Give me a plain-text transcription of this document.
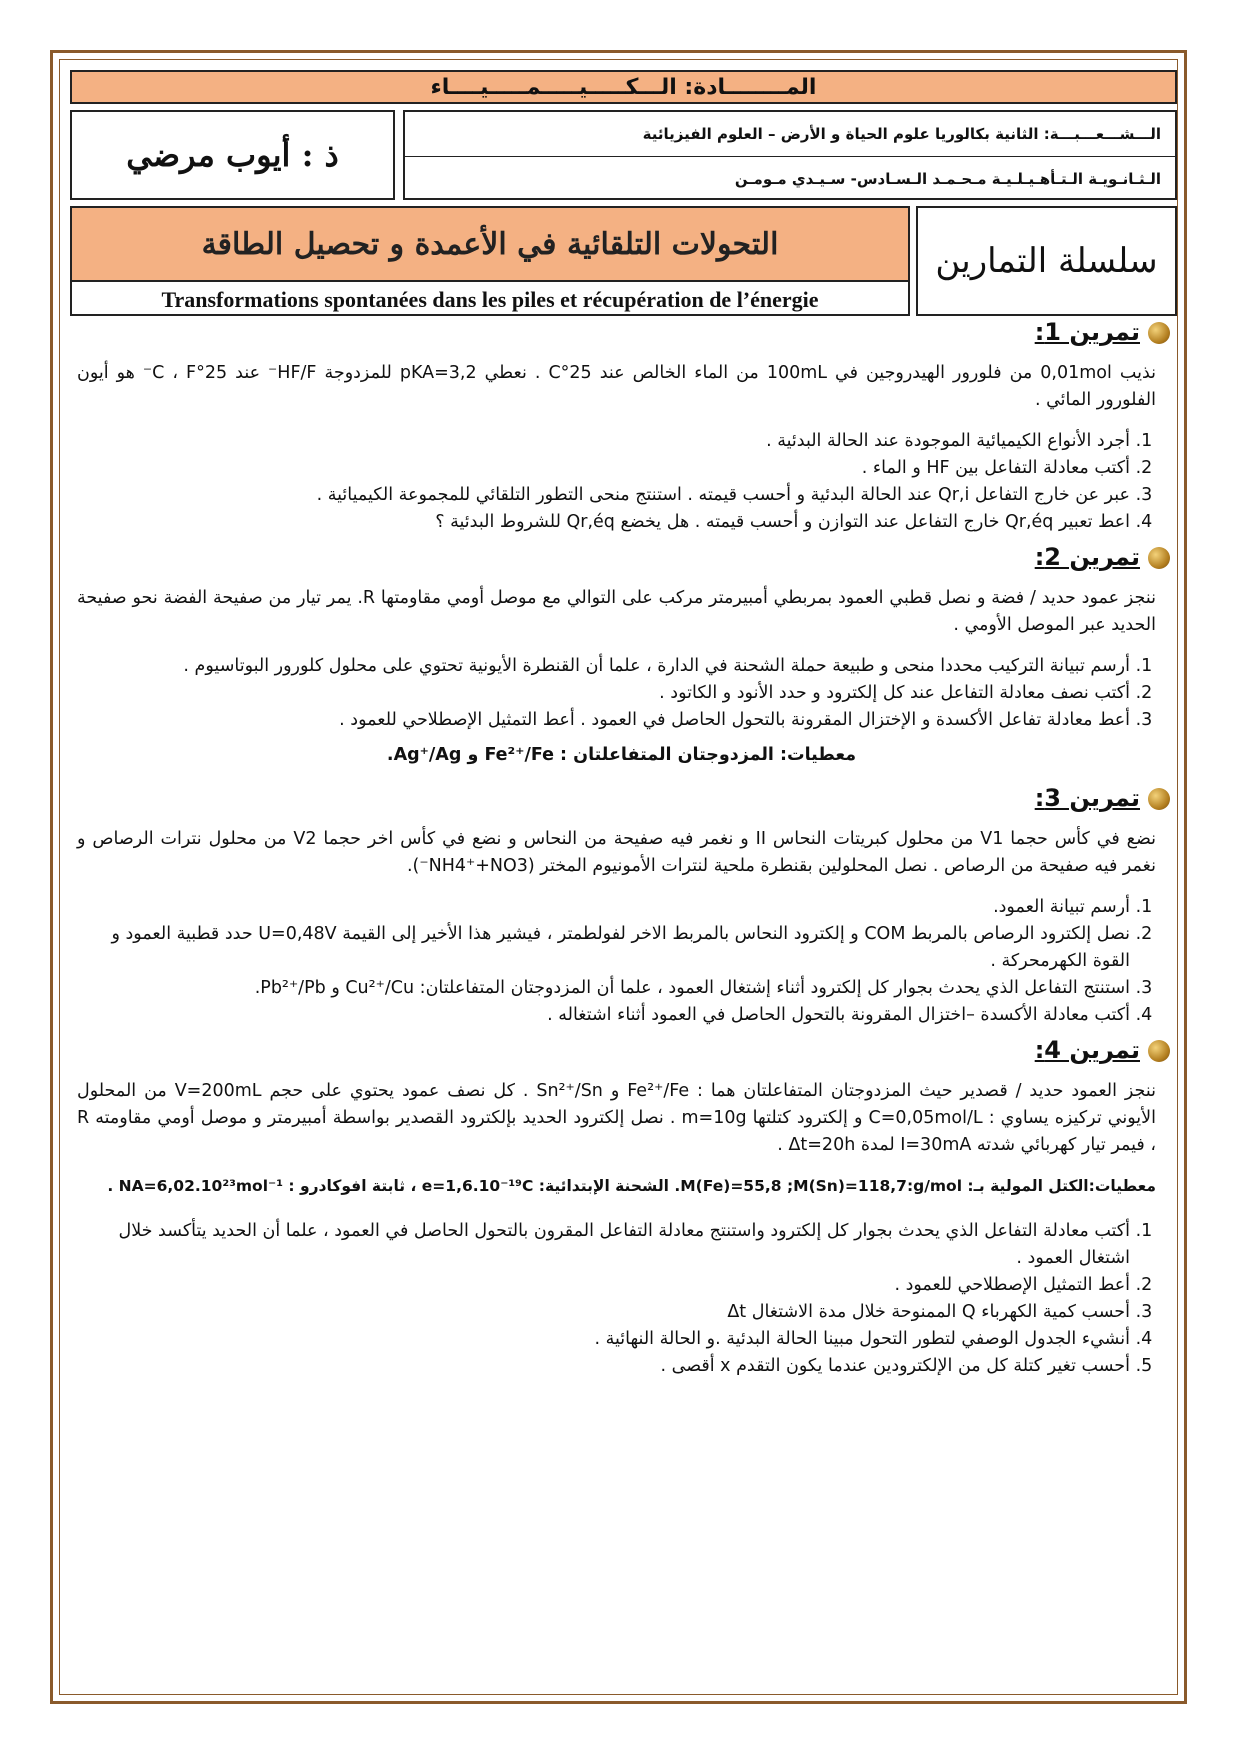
المــــــــادة: الـــكـــــيـــــمـــــيــــاء
ذ : أيوب مرضي
الـــشـــعـــبـــة: الثانية بكالوريا علوم الحياة و الأرض – العلوم الفيزيائية
الـثـانـويـة الـتـأهـيـلـيـة مـحـمـد الـسـادس- سـيـدي مـومـن
التحولات التلقائية في الأعمدة و تحصيل الطاقة
Transformations spontanées dans les piles et récupération de l’énergie
سلسلة التمارين
تمرين 1:
نذيب 0,01mol من فلورور الهيدروجين في 100mL من الماء الخالص عند 25°C . نعطي pKA=3,2 للمزدوجة HF/F⁻ عند 25°C ، F⁻ هو أيون الفلورور المائي .
1. أجرد الأنواع الكيميائية الموجودة عند الحالة البدئية .
2. أكتب معادلة التفاعل بين HF و الماء .
3. عبر عن خارج التفاعل Qr,i عند الحالة البدئية و أحسب قيمته . استنتج منحى التطور التلقائي للمجموعة الكيميائية .
4. اعط تعبير Qr,éq خارج التفاعل عند التوازن و أحسب قيمته . هل يخضع Qr,éq للشروط البدئية ؟
تمرين 2:
ننجز عمود حديد / فضة و نصل قطبي العمود بمربطي أمبيرمتر مركب على التوالي مع موصل أومي مقاومتها R. يمر تيار من صفيحة الفضة نحو صفيحة الحديد عبر الموصل الأومي .
1. أرسم تبيانة التركيب محددا منحى و طبيعة حملة الشحنة في الدارة ، علما أن القنطرة الأيونية تحتوي على محلول كلورور البوتاسيوم .
2. أكتب نصف معادلة التفاعل عند كل إلكترود و حدد الأنود و الكاتود .
3. أعط معادلة تفاعل الأكسدة و الإختزال المقرونة بالتحول الحاصل في العمود . أعط التمثيل الإصطلاحي للعمود .
معطيات: المزدوجتان المتفاعلتان : Fe²⁺/Fe و Ag⁺/Ag.
تمرين 3:
نضع في كأس حجما V1 من محلول كبريتات النحاس II و نغمر فيه صفيحة من النحاس و نضع في كأس اخر حجما V2 من محلول نترات الرصاص و نغمر فيه صفيحة من الرصاص . نصل المحلولين بقنطرة ملحية لنترات الأمونيوم المختر (NH4⁺+NO3⁻).
1. أرسم تبيانة العمود.
2. نصل إلكترود الرصاص بالمربط COM و إلكترود النحاس بالمربط الاخر لفولطمتر ، فيشير هذا الأخير إلى القيمة U=0,48V حدد قطبية العمود و القوة الكهرمحركة .
3. استنتج التفاعل الذي يحدث بجوار كل إلكترود أثناء إشتغال العمود ، علما أن المزدوجتان المتفاعلتان: Cu²⁺/Cu و Pb²⁺/Pb.
4. أكتب معادلة الأكسدة –اختزال المقرونة بالتحول الحاصل في العمود أثناء اشتغاله .
تمرين 4:
ننجز العمود حديد / قصدير حيث المزدوجتان المتفاعلتان هما : Fe²⁺/Fe و Sn²⁺/Sn . كل نصف عمود يحتوي على حجم V=200mL من المحلول الأيوني تركيزه يساوي : C=0,05mol/L و إلكترود كتلتها m=10g . نصل إلكترود الحديد بإلكترود القصدير بواسطة أمبيرمتر و موصل أومي مقاومته R ، فيمر تيار كهربائي شدته I=30mA لمدة Δt=20h .
معطيات:الكتل المولية بـ: M(Fe)=55,8 ;M(Sn)=118,7:g/mol. الشحنة الإبتدائية: e=1,6.10⁻¹⁹C ، ثابتة افوكادرو : NA=6,02.10²³mol⁻¹ .
1. أكتب معادلة التفاعل الذي يحدث بجوار كل إلكترود واستنتج معادلة التفاعل المقرون بالتحول الحاصل في العمود ، علما أن الحديد يتأكسد خلال اشتغال العمود .
2. أعط التمثيل الإصطلاحي للعمود .
3. أحسب كمية الكهرباء Q الممنوحة خلال مدة الاشتغال Δt
4. أنشيء الجدول الوصفي لتطور التحول مبينا الحالة البدئية .و الحالة النهائية .
5. أحسب تغير كتلة كل من الإلكترودين عندما يكون التقدم x أقصى .
